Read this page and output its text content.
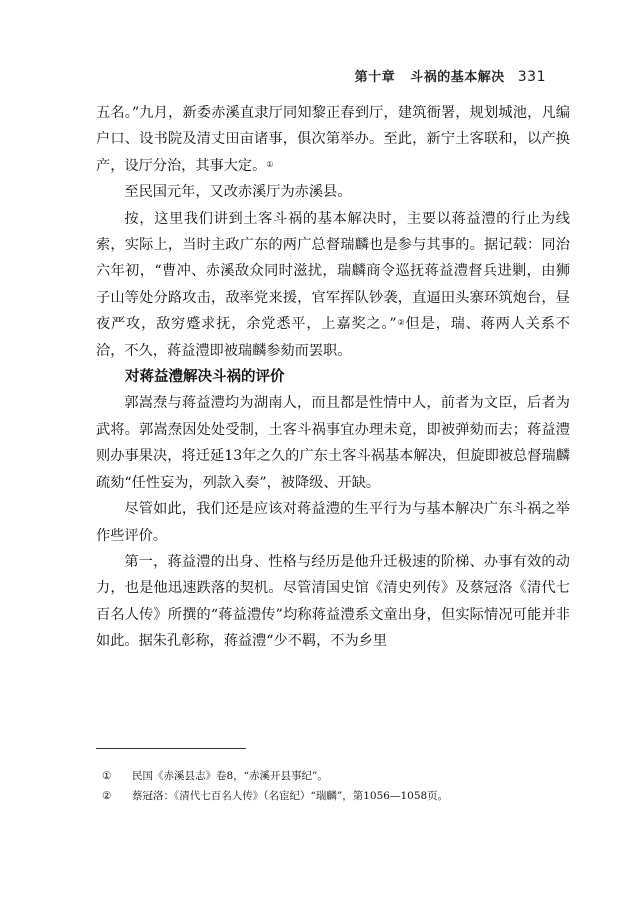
第十章 斗祸的基本解决 331

五名。”九月，新委赤溪直隶厅同知黎正春到厅，建筑衙署，规划城池，凡编户口、设书院及清丈田亩诸事，俱次第举办。至此，新宁土客联和，以产换产，设厅分治，其事大定。①

至民国元年，又改赤溪厅为赤溪县。

按，这里我们讲到土客斗祸的基本解决时，主要以蒋益澧的行止为线索，实际上，当时主政广东的两广总督瑞麟也是参与其事的。据记载：同治六年初，“曹冲、赤溪敌众同时滋扰，瑞麟商令巡抚蒋益澧督兵进剿，由狮子山等处分路攻击，敌率党来援，官军挥队钞袭，直逼田头寨环筑炮台，昼夜严攻，敌穷蹙求抚，余党悉平，上嘉奖之。”②但是，瑞、蒋两人关系不洽，不久，蒋益澧即被瑞麟参劾而罢职。

对蒋益澧解决斗祸的评价

郭嵩焘与蒋益澧均为湖南人，而且都是性情中人，前者为文臣，后者为武将。郭嵩焘因处处受制，土客斗祸事宜办理未竟，即被弹劾而去；蒋益澧则办事果决，将迁延13年之久的广东土客斗祸基本解决，但旋即被总督瑞麟疏劾“任性妄为，列款入奏”，被降级、开缺。

尽管如此，我们还是应该对蒋益澧的生平行为与基本解决广东斗祸之举作些评价。

第一，蒋益澧的出身、性格与经历是他升迁极速的阶梯、办事有效的动力，也是他迅速跌落的契机。尽管清国史馆《清史列传》及蔡冠洛《清代七百名人传》所撰的“蒋益澧传”均称蒋益澧系文童出身，但实际情况可能并非如此。据朱孔彰称，蒋益澧“少不羁，不为乡里

① 民国《赤溪县志》卷8，“赤溪开县事纪”。
② 蔡冠洛：《清代七百名人传》（名宦纪）“瑞麟”，第1056—1058页。
